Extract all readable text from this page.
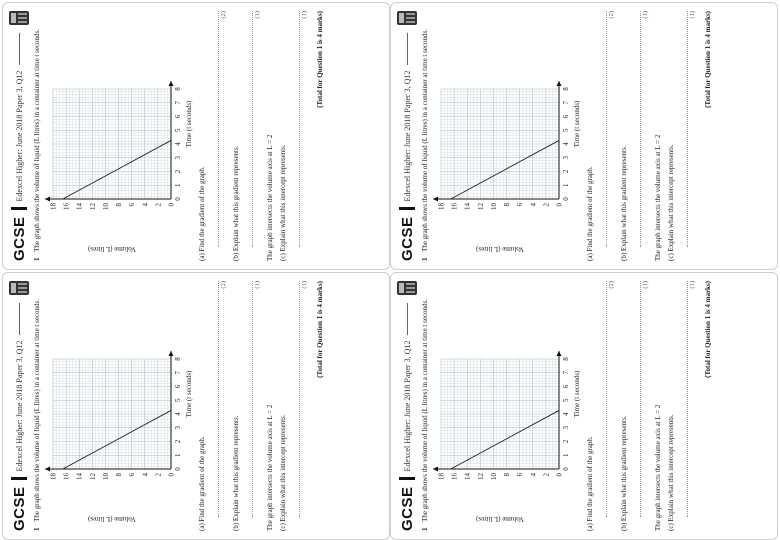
GCSE
Edexcel Higher: June 2018 Paper 3, Q12
1 The graph shows the volume of liquid (L litres) in a container at time t seconds.	0
1
2
3
4
5
6
7
8
0
2
4
6
8
10
12
14
16
18
Time (t seconds)
Volume (L litres)	(a) Find the gradient of the graph.
(2)
(b) Explain what this gradient represents.
(1)
The graph intersects the volume axis at L = 2 (c) Explain what this intercept represents.
(1) (Total for Question 1 is 4 marks)
GCSE
Edexcel Higher: June 2018 Paper 3, Q12
1 The graph shows the volume of liquid (L litres) in a container at time t seconds.	0
1
2
3
4
5
6
7
8
0
2
4
6
8
10
12
14
16
18
Time (t seconds)
Volume (L litres)	(a) Find the gradient of the graph.
(2)
(b) Explain what this gradient represents.
(1)
The graph intersects the volume axis at L = 2 (c) Explain what this intercept represents.
(1) (Total for Question 1 is 4 marks)
GCSE
Edexcel Higher: June 2018 Paper 3, Q12
1 The graph shows the volume of liquid (L litres) in a container at time t seconds.	0
1
2
3
4
5
6
7
8
0
2
4
6
8
10
12
14
16
18
Time (t seconds)
Volume (L litres)	(a) Find the gradient of the graph.
(2)
(b) Explain what this gradient represents.
(1)
The graph intersects the volume axis at L = 2 (c) Explain what this intercept represents.
(1) (Total for Question 1 is 4 marks)
GCSE
Edexcel Higher: June 2018 Paper 3, Q12
1 The graph shows the volume of liquid (L litres) in a container at time t seconds.	0
1
2
3
4
5
6
7
8
0
2
4
6
8
10
12
14
16
18
Time (t seconds)
Volume (L litres)	(a) Find the gradient of the graph.
(2)
(b) Explain what this gradient represents.
(1)
The graph intersects the volume axis at L = 2 (c) Explain what this intercept represents.
(1) (Total for Question 1 is 4 marks)
